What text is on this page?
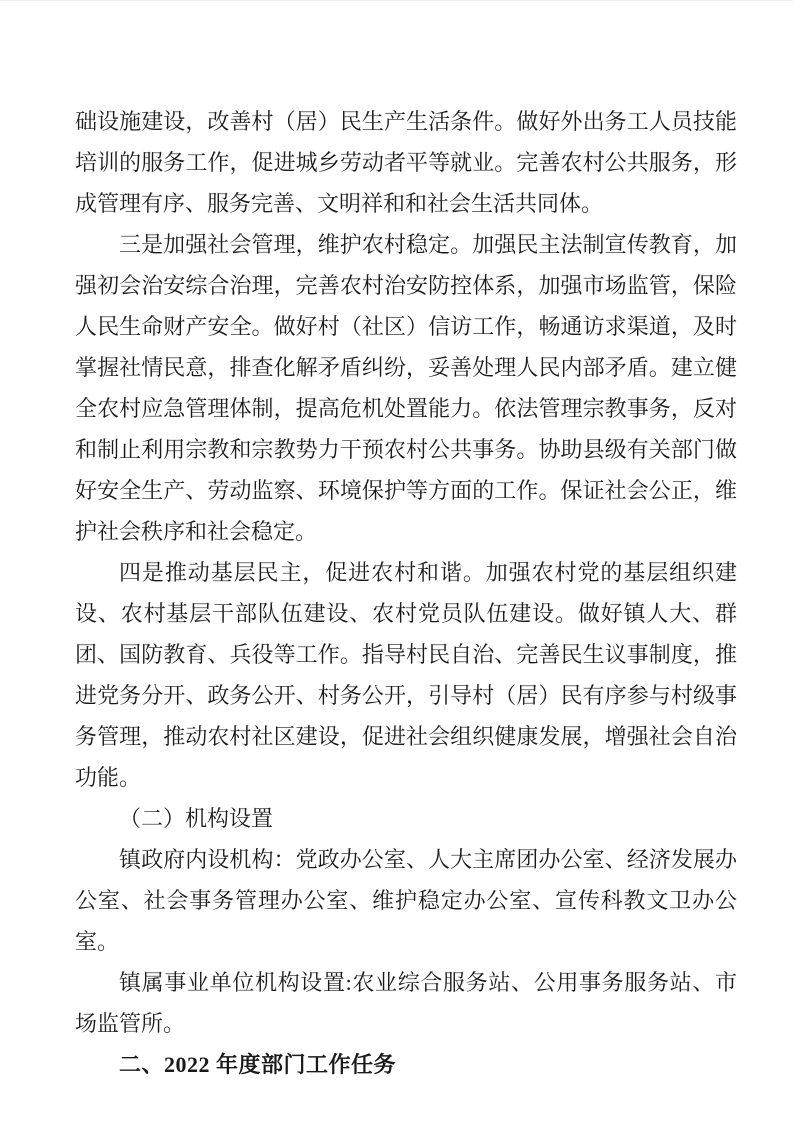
础设施建设，改善村（居）民生产生活条件。做好外出务工人员技能培训的服务工作，促进城乡劳动者平等就业。完善农村公共服务，形成管理有序、服务完善、文明祥和和社会生活共同体。

三是加强社会管理，维护农村稳定。加强民主法制宣传教育，加强初会治安综合治理，完善农村治安防控体系，加强市场监管，保险人民生命财产安全。做好村（社区）信访工作，畅通访求渠道，及时掌握社情民意，排查化解矛盾纠纷，妥善处理人民内部矛盾。建立健全农村应急管理体制，提高危机处置能力。依法管理宗教事务，反对和制止利用宗教和宗教势力干预农村公共事务。协助县级有关部门做好安全生产、劳动监察、环境保护等方面的工作。保证社会公正，维护社会秩序和社会稳定。

四是推动基层民主，促进农村和谐。加强农村党的基层组织建设、农村基层干部队伍建设、农村党员队伍建设。做好镇人大、群团、国防教育、兵役等工作。指导村民自治、完善民生议事制度，推进党务分开、政务公开、村务公开，引导村（居）民有序参与村级事务管理，推动农村社区建设，促进社会组织健康发展，增强社会自治功能。

（二）机构设置

镇政府内设机构：党政办公室、人大主席团办公室、经济发展办公室、社会事务管理办公室、维护稳定办公室、宣传科教文卫办公室。

镇属事业单位机构设置:农业综合服务站、公用事务服务站、市场监管所。

二、2022 年度部门工作任务
